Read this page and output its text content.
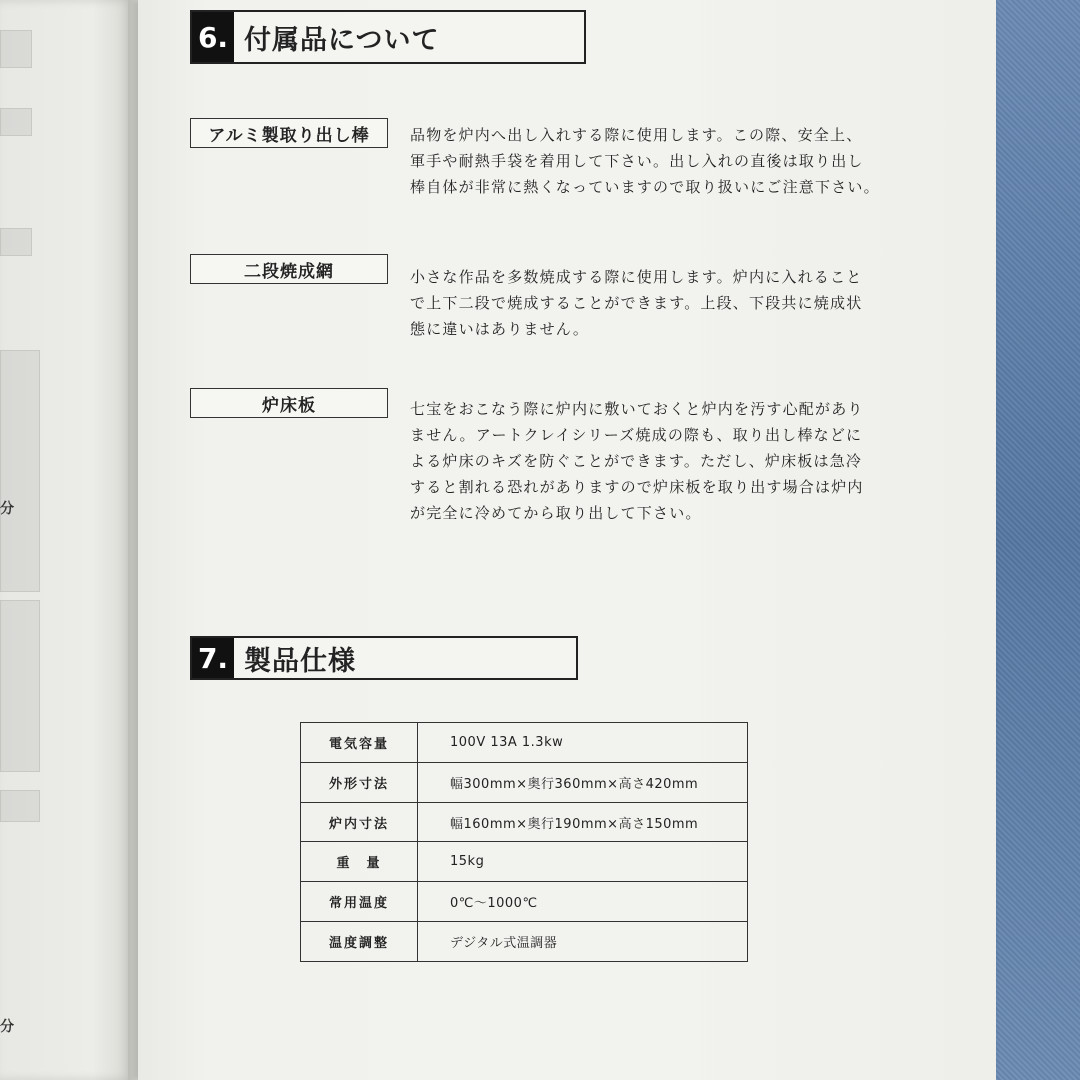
分
分
6. 付属品について
アルミ製取り出し棒	品物を炉内へ出し入れする際に使用します。この際、安全上、
軍手や耐熱手袋を着用して下さい。出し入れの直後は取り出し
棒自体が非常に熱くなっていますので取り扱いにご注意下さい。
二段焼成網	小さな作品を多数焼成する際に使用します。炉内に入れること
で上下二段で焼成することができます。上段、下段共に焼成状
態に違いはありません。
炉床板	七宝をおこなう際に炉内に敷いておくと炉内を汚す心配があり
ません。アートクレイシリーズ焼成の際も、取り出し棒などに
よる炉床のキズを防ぐことができます。ただし、炉床板は急冷
すると割れる恐れがありますので炉床板を取り出す場合は炉内
が完全に冷めてから取り出して下さい。
7. 製品仕様
電気容量	100V 13A 1.3kw
外形寸法	幅300mm×奥行360mm×高さ420mm
炉内寸法	幅160mm×奥行190mm×高さ150mm
重　量	15kg
常用温度	0℃～1000℃
温度調整	デジタル式温調器
